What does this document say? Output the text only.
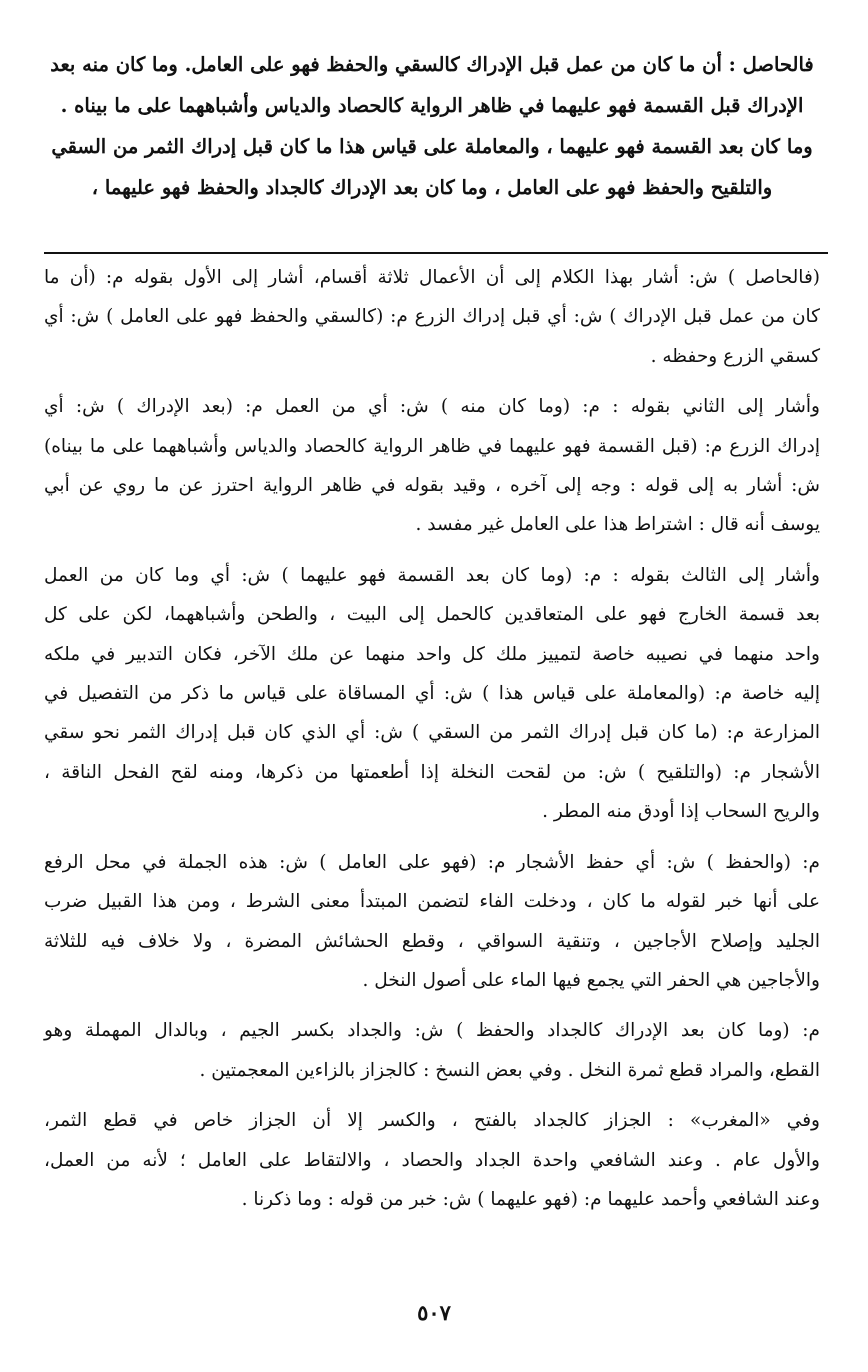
فالحاصل : أن ما كان من عمل قبل الإدراك كالسقي والحفظ فهو على العامل. وما كان منه بعد
الإدراك قبل القسمة فهو عليهما في ظاهر الرواية كالحصاد والدياس وأشباههما على ما بيناه .
وما كان بعد القسمة فهو عليهما ، والمعاملة على قياس هذا ما كان قبل إدراك الثمر من السقي
والتلقيح والحفظ فهو على العامل ، وما كان بعد الإدراك كالجداد والحفظ فهو عليهما ،

(فالحاصل ) ش: أشار بهذا الكلام إلى أن الأعمال ثلاثة أقسام، أشار إلى الأول بقوله م: (أن ما
كان من عمل قبل الإدراك ) ش: أي قبل إدراك الزرع م: (كالسقي والحفظ فهو على العامل ) ش: أي
كسقي الزرع وحفظه .

وأشار إلى الثاني بقوله : م: (وما كان منه ) ش: أي من العمل م: (بعد الإدراك ) ش: أي
إدراك الزرع م: (قبل القسمة فهو عليهما في ظاهر الرواية كالحصاد والدياس وأشباههما على ما بيناه)
ش: أشار به إلى قوله : وجه إلى آخره ، وقيد بقوله في ظاهر الرواية احترز عن ما روي عن أبي
يوسف أنه قال : اشتراط هذا على العامل غير مفسد .

وأشار إلى الثالث بقوله : م: (وما كان بعد القسمة فهو عليهما ) ش: أي وما كان من العمل
بعد قسمة الخارج فهو على المتعاقدين كالحمل إلى البيت ، والطحن وأشباههما، لكن على كل
واحد منهما في نصيبه خاصة لتمييز ملك كل واحد منهما عن ملك الآخر، فكان التدبير في ملكه
إليه خاصة م: (والمعاملة على قياس هذا ) ش: أي المساقاة على قياس ما ذكر من التفصيل في
المزارعة م: (ما كان قبل إدراك الثمر من السقي ) ش: أي الذي كان قبل إدراك الثمر نحو سقي
الأشجار م: (والتلقيح ) ش: من لقحت النخلة إذا أطعمتها من ذكرها، ومنه لقح الفحل الناقة ،
والريح السحاب إذا أودق منه المطر .

م: (والحفظ ) ش: أي حفظ الأشجار م: (فهو على العامل ) ش: هذه الجملة في محل الرفع
على أنها خبر لقوله ما كان ، ودخلت الفاء لتضمن المبتدأ معنى الشرط ، ومن هذا القبيل ضرب
الجليد وإصلاح الأجاجين ، وتنقية السواقي ، وقطع الحشائش المضرة ، ولا خلاف فيه للثلاثة
والأجاجين هي الحفر التي يجمع فيها الماء على أصول النخل .

م: (وما كان بعد الإدراك كالجداد والحفظ ) ش: والجداد بكسر الجيم ، وبالدال المهملة وهو
القطع، والمراد قطع ثمرة النخل . وفي بعض النسخ : كالجزاز بالزاءين المعجمتين .

وفي «المغرب» : الجزاز كالجداد بالفتح ، والكسر إلا أن الجزاز خاص في قطع الثمر،
والأول عام . وعند الشافعي واحدة الجداد والحصاد ، والالتقاط على العامل ؛ لأنه من العمل،
وعند الشافعي وأحمد عليهما م: (فهو عليهما ) ش: خبر من قوله : وما ذكرنا .

٥٠٧
